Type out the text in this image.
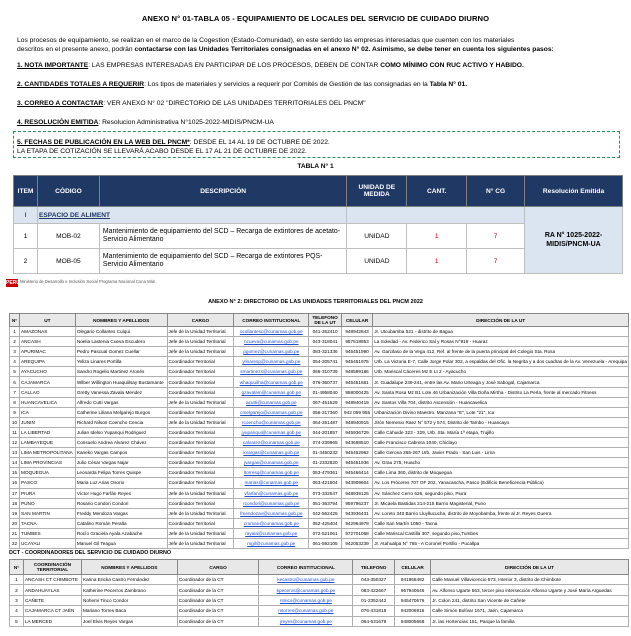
ANEXO N° 01-TABLA 05 - EQUIPAMIENTO DE LOCALES DEL SERVICIO DE CUIDADO DIURNO
Los procesos de equipamiento, se realizan en el marco de la Cogestion (Estado-Comunidad), en este sentido las empresas interesadas que cuenten con los materiales
descritos en el presente anexo, podrán contactarse con las Unidades Territoriales consignadas en el anexo N° 02. Asimismo, se debe tener en cuenta los siguientes pasos:
1. NOTA IMPORTANTE: LAS EMPRESAS INTERESADAS EN PARTICIPAR DE LOS PROCESOS, DEBEN DE CONTAR COMO MÍNIMO CON RUC ACTIVO Y HABIDO.
2. CANTIDADES TOTALES A REQUERIR: Los tipos de materiales y servicios a requerir por Comités de Gestión de las consignadas en la Tabla N° 01.
3. CORREO A CONTACTAR: VER ANEXO N° 02 "DIRECTORIO DE LAS UNIDADES TERRITORIALES DEL PNCM"
4. RESOLUCIÓN EMITIDA: Resolucion Administrativa N°1025-2022-MIDIS/PNCM-UA
5. FECHAS DE PUBLICACIÓN EN LA WEB DEL PNCM*: DESDE EL 14 AL 19 DE OCTUBRE DE 2022.
LA ETAPA DE COTIZACIÓN SE LLEVARÁ ACABO DESDE EL 17 AL 21 DE OCTUBRE DE 2022.
TABLA N° 1
ITEM	CÓDIGO	DESCRIPCIÓN	UNIDAD DE MEDIDA	CANT.	N° CG	Resolución Emitida
I	ESPACIO DE ALIMENT					RA N° 1025-2022-MIDIS/PNCM-UA
1	MOB-02	Mantenimiento de equipamiento del SCD – Recarga de extintores de acetato-Servicio Alimentario	UNIDAD	1	7	
2	MOB-05	Mantenimiento de equipamiento del SCD – Recarga de extintores PQS-Servicio Alimentario	UNIDAD	1	7	
PERÚ Ministerio de Desarrollo e Inclusión Social Programa Nacional Cuna Más
ANEXO N° 2: DIRECTORIO DE LAS UNIDADES TERRITORIALES DEL PNCM 2022
N°	UT	NOMBRES Y APELLIDOS	CARGO	CORREO INSTITUCIONAL	TELEFONO DE LA UT	CELULAR	DIRECCIÓN DE LA UT
1	AMAZONAS	Olegario Collantes Culqui	Jefe de la Unidad Territorial	ocollantesc@cunamas.gob.pe	041-262410	948942843	Jr. Utcubamba 521 - distrito de Bagua
2	ANCASH	Noelia Lastenia Cueva Escudero	Jefe de la Unidad Territorial	ncueva@cunamas.gob.pe	043-318041	957518853	La Soledad - Av. Federico Sal y Rosas N°919 - Huaraz
3	APURIMAC	Pedro Pascual Gomez Cuellar	Jefe de la Unidad Territorial	pgomez@cunamas.gob.pe	083-321336	945451990	Av. Garcilaso de la Vega 412, Ref. al frente de la puerta principal del Colegio Sta. Rosa
4	AREQUIPA	Yeliza Linares Portilla	Coordinador Territorial	ylinaresp@cunamas.gob.pe	054-205741	945451975	Urb. La Victoria E-7, Calle Jorge Polar 302, a espaldas del Ofic. la Negrita y a dos cuadras de la Av. Venezuela - Arequipa
5	AYACUCHO	Sandro Rogelio Martinez Aronés	Coordinador Territorial	smartinezs@cunamas.gob.pe	066-310739	948599186	Urb. Mariscal Cáceres Mz E Lt 2 - Ayacucho
6	CAJAMARCA	Wilber Willington Huaquiilsay Bustamante	Coordinador Territorial	whaquuilha@cunamas.gob.pe	076-360737	945451681	Jr. Guadalupe 239-241, entre las Av. Mario Urteaga y José Sabogal, Cajamarca
7	CALLAO	Gretty Vanessa Zavala Mendez	Coordinador Territorial	gzavalam@cunamas.gob.pe	01-4958040	958000425	Av. Santa Rosa Mz B1 Lote 46 Urbanización Villa Doña Mirtha - Distrito La Perla, frente al mercado Fitness
8	HUANCAVELICA	Alfredo Cutti Vargas	Jefe de la Unidad Territorial	acutti@cunamas.gob.pe	067-451529	948940419	Av. Santos Villa 704, distrito Ascensión - Huancavelica
9	ICA	Catherine Liliana Melgarejo Burgos	Coordinador Territorial	cmelgarejo@cunamas.gob.pe	056-217360	942 059 955	Urbanización Divino Maestro. Manzana "E", Lote "21", Ica
10	JUNIN	Richard Nilson Coencho Cencia	Jefe de la Unidad Territorial	rcoencho@cunamas.gob.pe	064-261487	948940915	Jirón Nemesio Raez N° 572 y 574, Distrito de Tambo - Huancayo
11	LA LIBERTAD	Julian Idelso Yupanqui Rodriguez	Coordinador Territorial	jyupanqui@cunamas.gob.pe	044-201857	945936729	Calle Cahuide 323 - 329, Urb. Sta. María 1ª etapa, Trujillo
12	LAMBAYEQUE	Consuelo Andrea Alvarez Chávez	Coordinador Territorial	calvarez@cunamas.gob.pe	074-239965	943698510	Calle Francisco Cabrera 1040, Chiclayo
13	LIMA METROPOLITANA	Kaneko Vargas Campos	Coordinador Territorial	kvargas@cunamas.gob.pe	01-3450232	945452962	Calle Gerona 265-267 Urb. Javier Prado - San Luis - Lima
14	LIMA PROVINCIAS	Julio César Vargas Najar	Coordinador Territorial	jvargas@cunamas.gob.pe	01-2332820	945451936	Av. Grau 275, Huacho
15	MOQUEGUA	Leonarda Felipa Torres Quispe	Coordinador Territorial	ltorresq@cunamas.gob.pe	053-479361	945466414	Calle Lima 360, distrito de Moquegua
16	PASCO	Maria Luz Arias Osorio	Coordinador Territorial	marias@cunamas.gob.pe	063-421504	943909604	Av. Los Próceres 707 OF 202, Yanacancha, Pasco (Edificio Beneficencia Pública)
17	PIURA	Víctor Hugo Farfán Reyes	Jefe de la Unidad Territorial	vfarfan@cunamas.gob.pe	073-332547	948939125	Av. Sánchez Cerro 626, segundo piso, Piura
18	PUNO	Rosario Condori Condori	Coordinador Territorial	rcondori@cunamas.gob.pe	051-363794	959796237	Jr. Micaela Bastidas 214-215 Barrio Magisterial, Puno
19	SAN MARTIN	Freddy Mendoza Vargas	Jefe de la Unidad Territorial	fmendozav@cunamas.gob.pe	042-562425	943936431	Av. Loreto 340 Barrio Lluyllucucha, distrito de Moyobamba, frente al Jr. Reyes Guerra
20	TACNA	Catalino Román Peralta	Coordinador Territorial	croman@cunamas.gob.pe	052-425404	942964978	Calle San Martín 1050 - Tacna
21	TUMBES	Rocío Graciela Ayala Azabache	Jefe de la Unidad Territorial	rayala@cunamas.gob.pe	072-521061	972701068	Calle Mariscal Castilla 307, segundo piso,Tumbes
22	UCAYALI	Manuel Gil Teagua	Jefe de la Unidad Territorial	mgil@cunamas.gob.pe	061-592105	942053239	Jr. Atahualpa N° 765 - A Coronel Portillo - Pucallpa
DCT - COORDINADORES DEL SERVICIO DE CUIDADO DIURNO
N°	COORDINACIÓN TERRITORIAL	NOMBRES Y APELLIDOS	CARGO	CORREO INSTITUCIONAL	TELEFONO	CELULAR	DIRECCIÓN DE LA UT
1	ANCASH CT CHIMBOTE	Karina Ericka Castro Fernández	Coordinador de la CT	kecastro@cunamas.gob.pe	043-350327	941968482	Calle Manuel Villavicencio 573, Interior 3, distrito de Chimbote
2	ANDAHUAYLAS	Katherine Pecerros Zambrano	Coordinador de la CT	kpeceros@cunamas.gob.pe	083-422667	957940646	Av. Alfonso Ugarte 563, tercer piso intersección Alfonso Ugarte y José María Arguedas
3	CAÑETE	Nohemi Tinco Condor	Coordinador de la CT	ntinco@cunamas.gob.pe	01-2352442	945470676	Jr. Colon 241, distrito San Vicente de Cañete
4	CAJAMARCA CT JAÉN	Mariano Torres Baca	Coordinador de la CT	mtorres@cunamas.gob.pe	076-431818	942006916	Calle Simón Bolívar 1671, Jaén, Cajamarca
5	LA MERCED	Joel Elvis Reyes Vargas	Coordinador de la CT	jreyes@cunamas.gob.pe	064-531679	948005668	Jr. las Hortencias 151, Parque la familia
